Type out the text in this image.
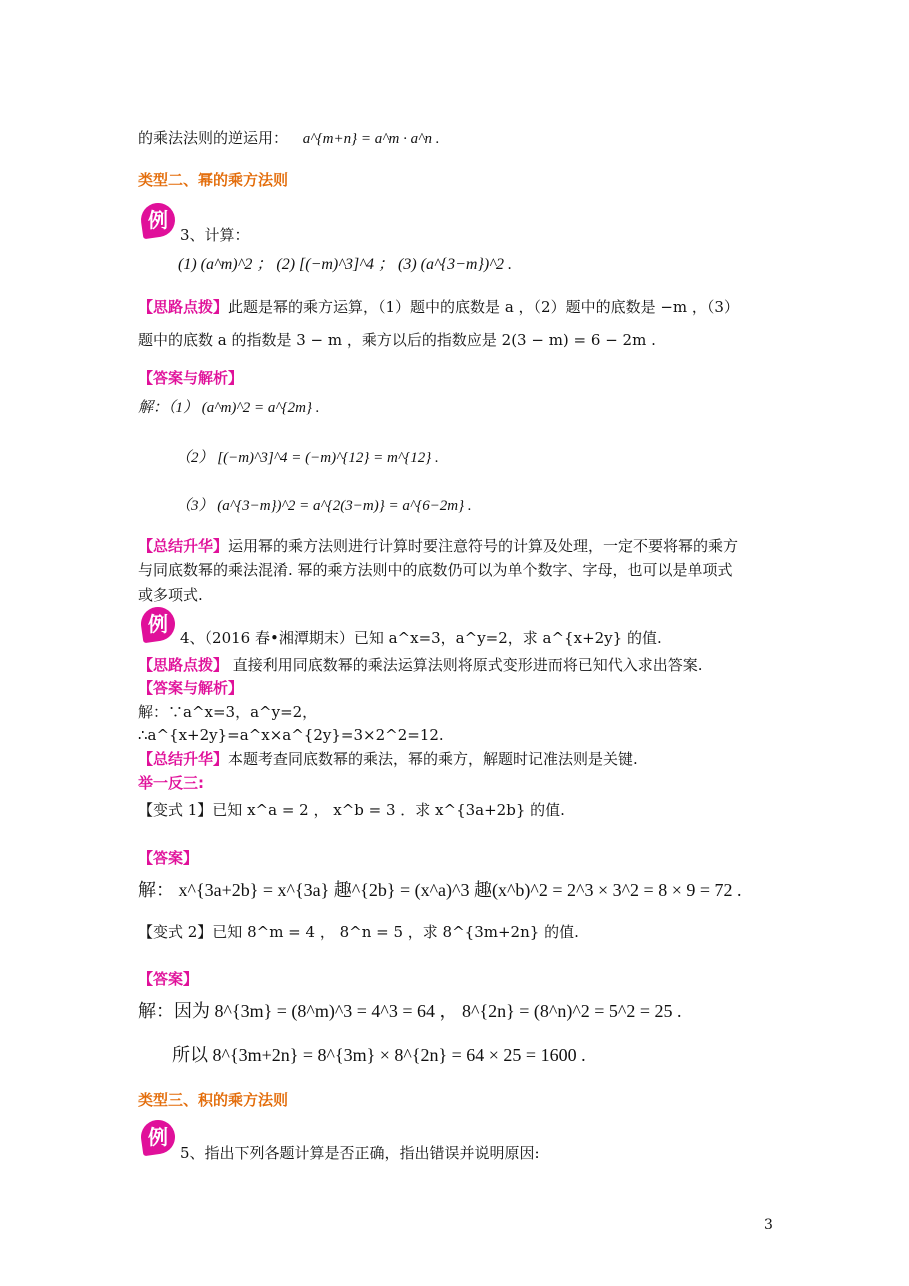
的乘法法则的逆运用： a^{m+n} = a^m · a^n .
类型二、幂的乘方法则
例
3、计算：
(1) (a^m)^2 ； (2) [(−m)^3]^4 ； (3) (a^{3−m})^2 .
【思路点拨】此题是幂的乘方运算，（1）题中的底数是 a ，（2）题中的底数是 −m ，（3）
题中的底数 a 的指数是 3 − m ，乘方以后的指数应是 2(3 − m) = 6 − 2m .
【答案与解析】
解：（1） (a^m)^2 = a^{2m} .
（2） [(−m)^3]^4 = (−m)^{12} = m^{12} .
（3） (a^{3−m})^2 = a^{2(3−m)} = a^{6−2m} .
【总结升华】运用幂的乘方法则进行计算时要注意符号的计算及处理，一定不要将幂的乘方
与同底数幂的乘法混淆. 幂的乘方法则中的底数仍可以为单个数字、字母，也可以是单项式
或多项式.
例
4、（2016 春•湘潭期末）已知 a^x=3，a^y=2，求 a^{x+2y} 的值.
【思路点拨】 直接利用同底数幂的乘法运算法则将原式变形进而将已知代入求出答案.
【答案与解析】
解：∵a^x=3，a^y=2，
∴a^{x+2y}=a^x×a^{2y}=3×2^2=12.
【总结升华】本题考查同底数幂的乘法，幂的乘方，解题时记准法则是关键.
举一反三:
【变式 1】已知 x^a = 2 ， x^b = 3 ．求 x^{3a+2b} 的值.
【答案】
解： x^{3a+2b} = x^{3a} 趣^{2b} = (x^a)^3 趣(x^b)^2 = 2^3 × 3^2 = 8 × 9 = 72 .
【变式 2】已知 8^m = 4 ， 8^n = 5 ，求 8^{3m+2n} 的值.
【答案】
解：因为 8^{3m} = (8^m)^3 = 4^3 = 64 ， 8^{2n} = (8^n)^2 = 5^2 = 25 .
所以 8^{3m+2n} = 8^{3m} × 8^{2n} = 64 × 25 = 1600 .
类型三、积的乘方法则
例
5、指出下列各题计算是否正确，指出错误并说明原因:
3
